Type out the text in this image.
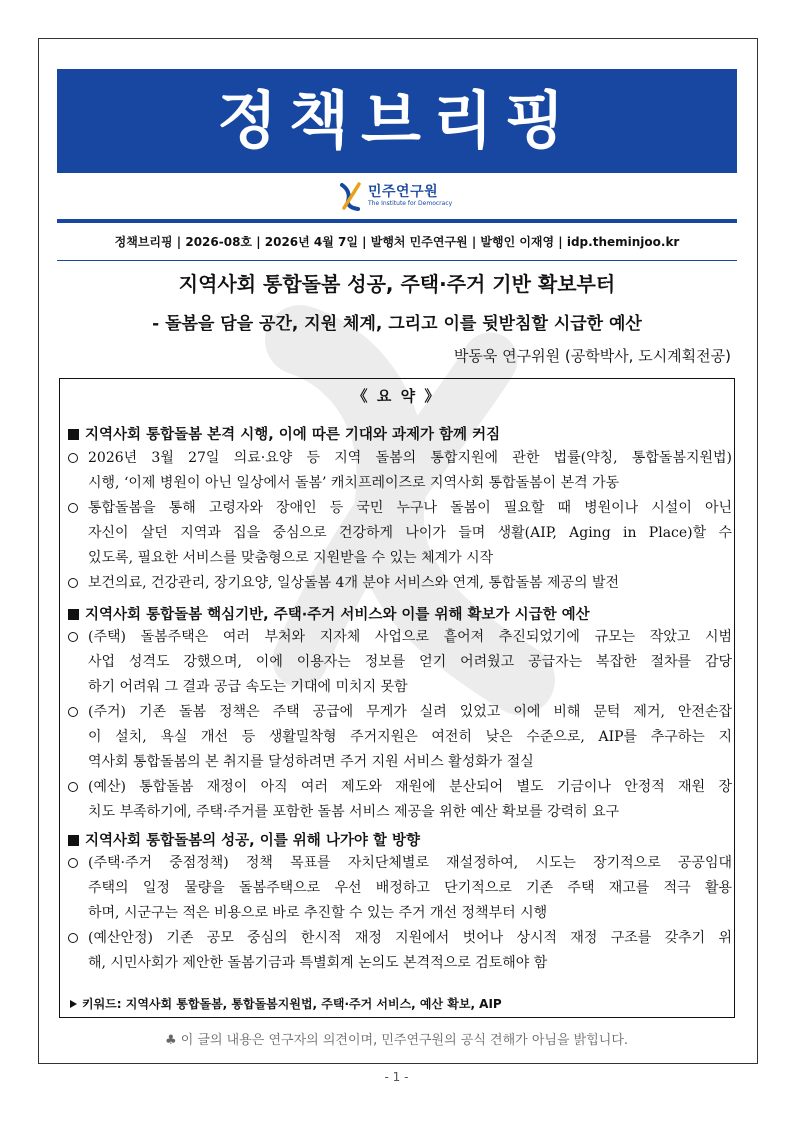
정책브리핑
민주연구원
The Institute for Democracy
정책브리핑 | 2026-08호 | 2026년 4월 7일 | 발행처 민주연구원 | 발행인 이재영 | idp.theminjoo.kr
지역사회 통합돌봄 성공, 주택·주거 기반 확보부터
- 돌봄을 담을 공간, 지원 체계, 그리고 이를 뒷받침할 시급한 예산
박동욱 연구위원 (공학박사, 도시계획전공)
《 요 약 》
지역사회 통합돌봄 본격 시행, 이에 따른 기대와 과제가 함께 커짐
2026년 3월 27일 의료·요양 등 지역 돌봄의 통합지원에 관한 법률(약칭, 통합돌봄지원법)
시행, ‘이제 병원이 아닌 일상에서 돌봄’ 캐치프레이즈로 지역사회 통합돌봄이 본격 가동
통합돌봄을 통해 고령자와 장애인 등 국민 누구나 돌봄이 필요할 때 병원이나 시설이 아닌
자신이 살던 지역과 집을 중심으로 건강하게 나이가 들며 생활(AIP, Aging in Place)할 수
있도록, 필요한 서비스를 맞춤형으로 지원받을 수 있는 체계가 시작
보건의료, 건강관리, 장기요양, 일상돌봄 4개 분야 서비스와 연계, 통합돌봄 제공의 발전
지역사회 통합돌봄 핵심기반, 주택·주거 서비스와 이를 위해 확보가 시급한 예산
(주택) 돌봄주택은 여러 부처와 지자체 사업으로 흩어져 추진되었기에 규모는 작았고 시범
사업 성격도 강했으며, 이에 이용자는 정보를 얻기 어려웠고 공급자는 복잡한 절차를 감당
하기 어려워 그 결과 공급 속도는 기대에 미치지 못함
(주거) 기존 돌봄 정책은 주택 공급에 무게가 실려 있었고 이에 비해 문턱 제거, 안전손잡
이 설치, 욕실 개선 등 생활밀착형 주거지원은 여전히 낮은 수준으로, AIP를 추구하는 지
역사회 통합돌봄의 본 취지를 달성하려면 주거 지원 서비스 활성화가 절실
(예산) 통합돌봄 재정이 아직 여러 제도와 재원에 분산되어 별도 기금이나 안정적 재원 장
치도 부족하기에, 주택·주거를 포함한 돌봄 서비스 제공을 위한 예산 확보를 강력히 요구
지역사회 통합돌봄의 성공, 이를 위해 나가야 할 방향
(주택·주거 중점정책) 정책 목표를 자치단체별로 재설정하여, 시도는 장기적으로 공공임대
주택의 일정 물량을 돌봄주택으로 우선 배정하고 단기적으로 기존 주택 재고를 적극 활용
하며, 시군구는 적은 비용으로 바로 추진할 수 있는 주거 개선 정책부터 시행
(예산안정) 기존 공모 중심의 한시적 재정 지원에서 벗어나 상시적 재정 구조를 갖추기 위
해, 시민사회가 제안한 돌봄기금과 특별회계 논의도 본격적으로 검토해야 함
키워드: 지역사회 통합돌봄, 통합돌봄지원법, 주택·주거 서비스, 예산 확보, AIP
♣ 이 글의 내용은 연구자의 의견이며, 민주연구원의 공식 견해가 아님을 밝힙니다.
- 1 -
